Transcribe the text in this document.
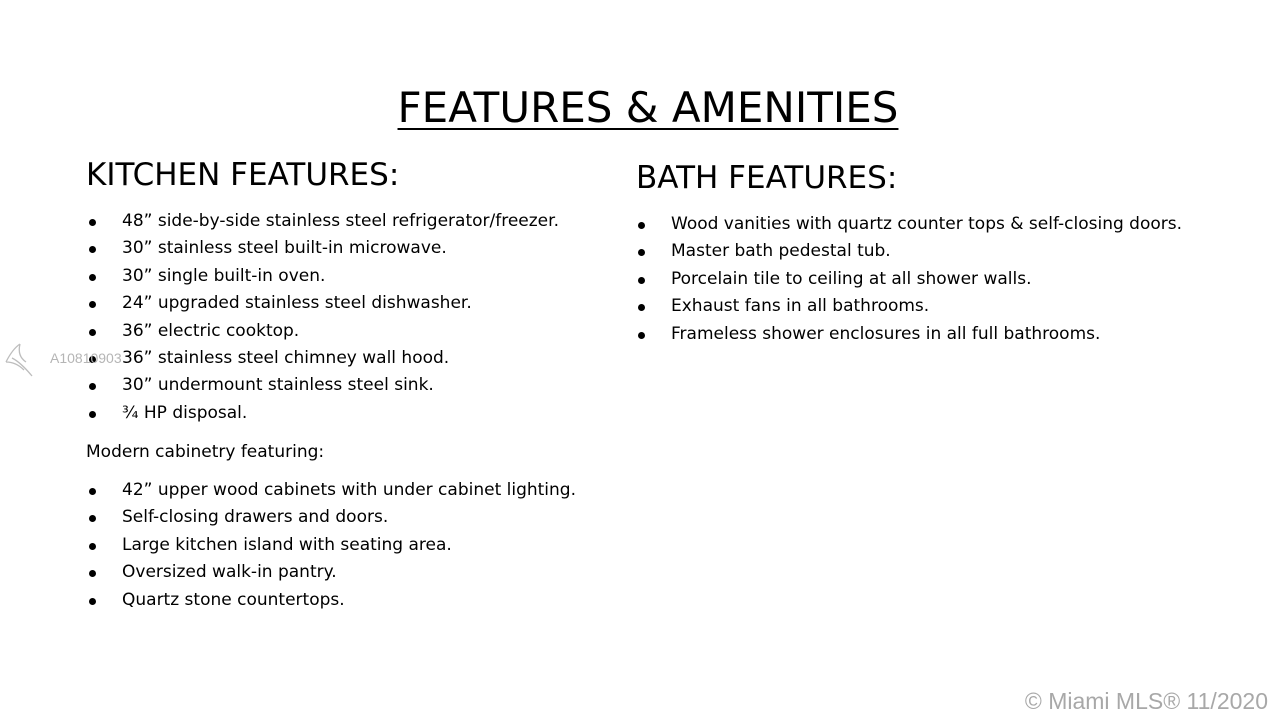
FEATURES & AMENITIES
KITCHEN FEATURES:
48” side-by-side stainless steel refrigerator/freezer.
30” stainless steel built-in microwave.
30” single built-in oven.
24” upgraded stainless steel dishwasher.
36” electric cooktop.
36” stainless steel chimney wall hood.
30” undermount stainless steel sink.
¾ HP disposal.

Modern cabinetry featuring:

42” upper wood cabinets with under cabinet lighting.
Self-closing drawers and doors.
Large kitchen island with seating area.
Oversized walk-in pantry.
Quartz stone countertops.
BATH FEATURES:
Wood vanities with quartz counter tops & self-closing doors.
Master bath pedestal tub.
Porcelain tile to ceiling at all shower walls.
Exhaust fans in all bathrooms.
Frameless shower enclosures in all full bathrooms.
A10810903
© Miami MLS® 11/2020
